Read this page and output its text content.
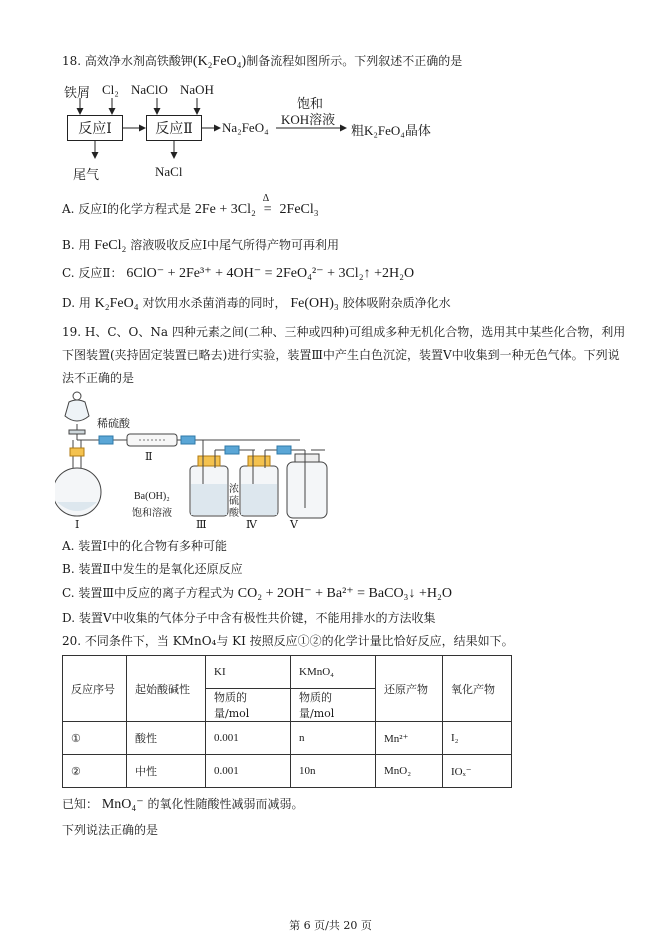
18. 高效净水剂高铁酸钾(K₂FeO₄)制备流程如图所示。下列叙述不正确的是
铁屑 Cl₂ NaClO NaOH
反应Ⅰ	反应Ⅱ
尾气	NaCl
Na₂FeO₄
饱和
KOH溶液
粗K₂FeO₄晶体
A. 反应Ⅰ的化学方程式是 2Fe + 3Cl₂
Δ
= 2FeCl₃
B. 用 FeCl₂ 溶液吸收反应Ⅰ中尾气所得产物可再利用
C. 反应Ⅱ： 6ClO⁻ + 2Fe³⁺ + 4OH⁻ = 2FeO₄²⁻ + 3Cl₂↑ +2H₂O
D. 用 K₂FeO₄ 对饮用水杀菌消毒的同时， Fe(OH)₃ 胶体吸附杂质净化水
19. H、C、O、Na 四种元素之间(二种、三种或四种)可组成多种无机化合物，选用其中某些化合物，利用
下图装置(夹持固定装置已略去)进行实验，装置Ⅲ中产生白色沉淀，装置Ⅴ中收集到一种无色气体。下列说
法不正确的是
稀硫酸
Ⅱ
Ba(OH)₂
饱和溶液
浓
硫
酸
Ⅰ	Ⅲ	Ⅳ	Ⅴ
A. 装置Ⅰ中的化合物有多种可能
B. 装置Ⅱ中发生的是氧化还原反应
C. 装置Ⅲ中反应的离子方程式为 CO₂ + 2OH⁻ + Ba²⁺ = BaCO₃↓ +H₂O
D. 装置Ⅴ中收集的气体分子中含有极性共价键，不能用排水的方法收集
20. 不同条件下，当 KMnO₄与 KI 按照反应①②的化学计量比恰好反应，结果如下。
反应序号	起始酸碱性	KI	KMnO₄	还原产物	氧化产物
		物质的量/mol	物质的量/mol		
①	酸性	0.001	n	Mn²⁺	I₂
②	中性	0.001	10n	MnO₂	IOₓ⁻
已知： MnO₄⁻ 的氧化性随酸性减弱而减弱。
下列说法正确的是
第 6 页/共 20 页
